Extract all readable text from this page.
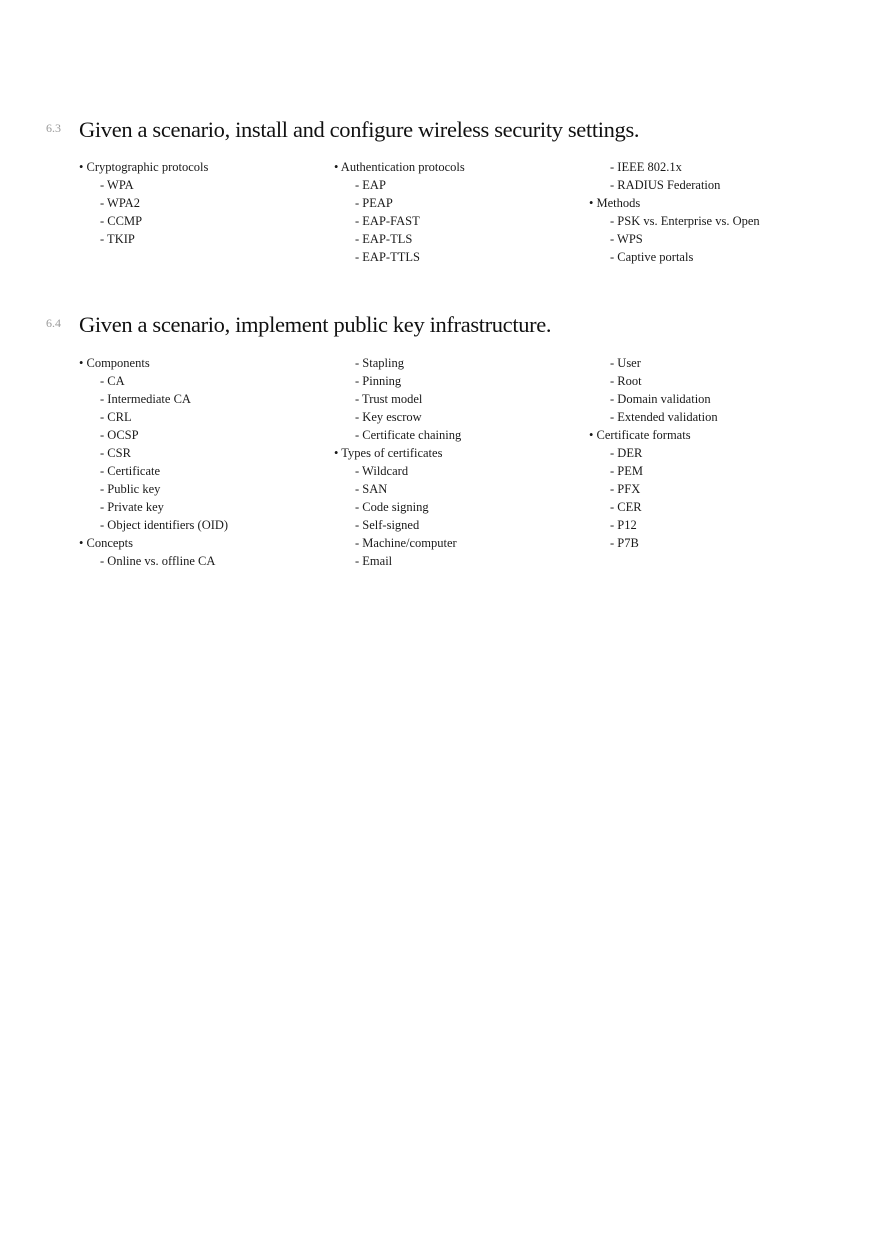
6.3 Given a scenario, install and configure wireless security settings.
• Cryptographic protocols
- WPA
- WPA2
- CCMP
- TKIP
• Authentication protocols
- EAP
- PEAP
- EAP-FAST
- EAP-TLS
- EAP-TTLS
- IEEE 802.1x
- RADIUS Federation
• Methods
- PSK vs. Enterprise vs. Open
- WPS
- Captive portals
6.4 Given a scenario, implement public key infrastructure.
• Components
- CA
- Intermediate CA
- CRL
- OCSP
- CSR
- Certificate
- Public key
- Private key
- Object identifiers (OID)
• Concepts
- Online vs. offline CA
- Stapling
- Pinning
- Trust model
- Key escrow
- Certificate chaining
• Types of certificates
- Wildcard
- SAN
- Code signing
- Self-signed
- Machine/computer
- Email
- User
- Root
- Domain validation
- Extended validation
• Certificate formats
- DER
- PEM
- PFX
- CER
- P12
- P7B
